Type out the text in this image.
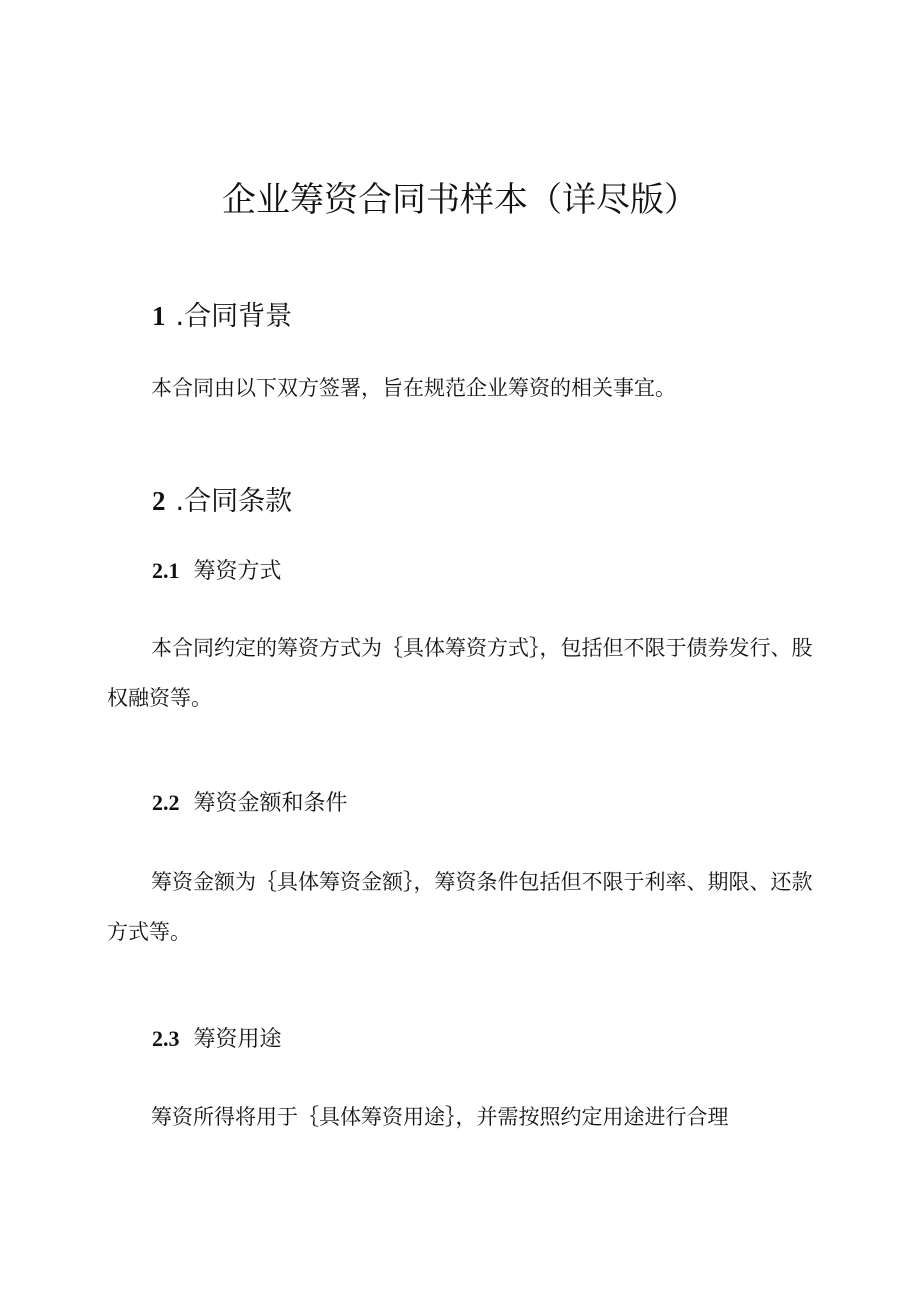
企业筹资合同书样本（详尽版）
1 .合同背景
本合同由以下双方签署，旨在规范企业筹资的相关事宜。
2 .合同条款
2.1 筹资方式
本合同约定的筹资方式为｛具体筹资方式｝，包括但不限于债券发行、股权融资等。
2.2 筹资金额和条件
筹资金额为｛具体筹资金额｝，筹资条件包括但不限于利率、期限、还款方式等。
2.3 筹资用途
筹资所得将用于｛具体筹资用途｝，并需按照约定用途进行合理
